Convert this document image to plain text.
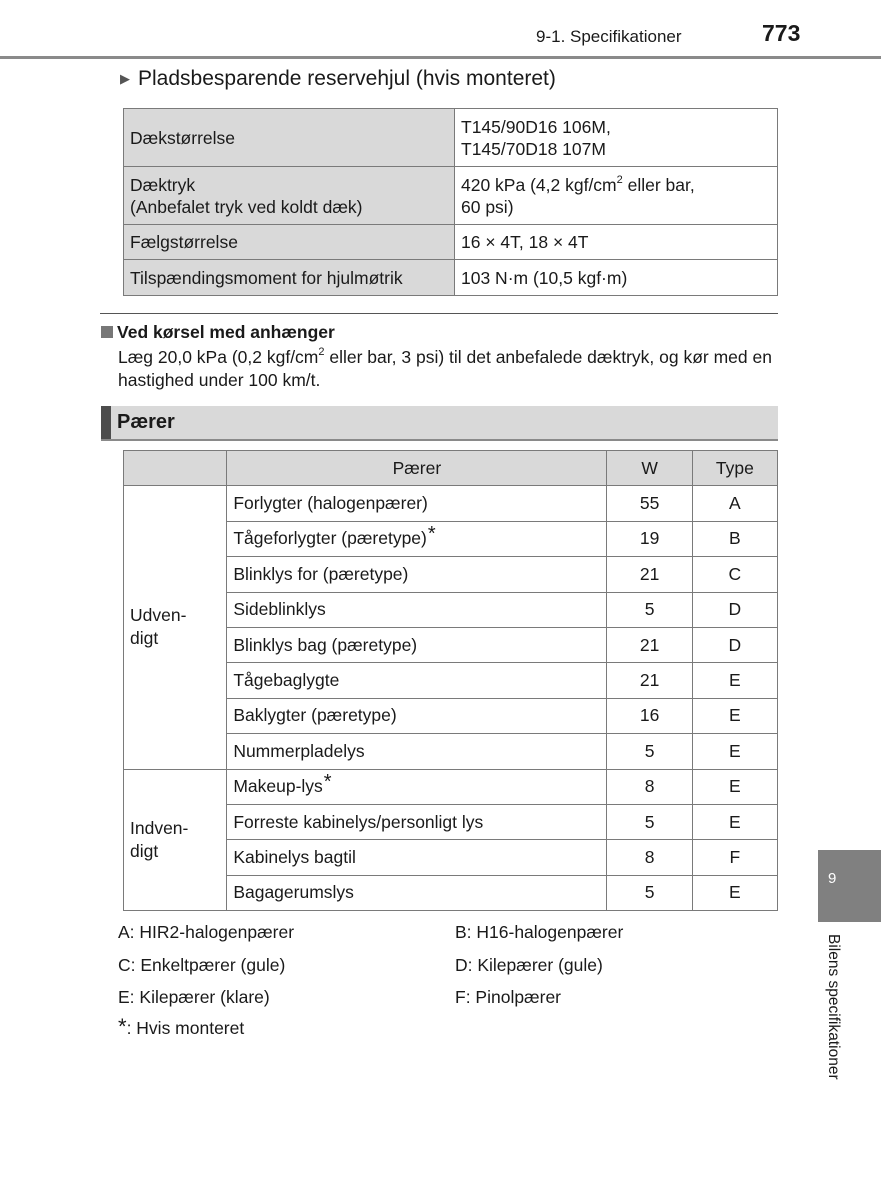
9-1. Specifikationer	773
▶ Pladsbesparende reservehjul (hvis monteret)
Dækstørrelse	T145/90D16 106M,
T145/70D18 107M
Dæktryk
(Anbefalet tryk ved koldt dæk)	420 kPa (4,2 kgf/$cm^2$ eller bar,
60 psi)
Fælgstørrelse	16 × 4T, 18 × 4T
Tilspændingsmoment for hjulmøtrik	103 N·m (10,5 kgf·m)
Ved kørsel med anhænger
Læg 20,0 kPa (0,2 kgf/$cm^2$ eller bar, 3 psi) til det anbefalede dæktryk, og kør med en hastighed under 100 km/t.
Pærer
	Pærer	W	Type
Udven-
digt	Forlygter (halogenpærer)	55	A
	Tågeforlygter (pæretype)*	19	B
	Blinklys for (pæretype)	21	C
	Sideblinklys	5	D
	Blinklys bag (pæretype)	21	D
	Tågebaglygte	21	E
	Baklygter (pæretype)	16	E
	Nummerpladelys	5	E
Indven-
digt	Makeup-lys*	8	E
	Forreste kabinelys/personligt lys	5	E
	Kabinelys bagtil	8	F
	Bagagerumslys	5	E
A: HIR2-halogenpærer	B: H16-halogenpærer
C: Enkeltpærer (gule)	D: Kilepærer (gule)
E: Kilepærer (klare)	F: Pinolpærer
*: Hvis monteret
9
Bilens specifikationer
